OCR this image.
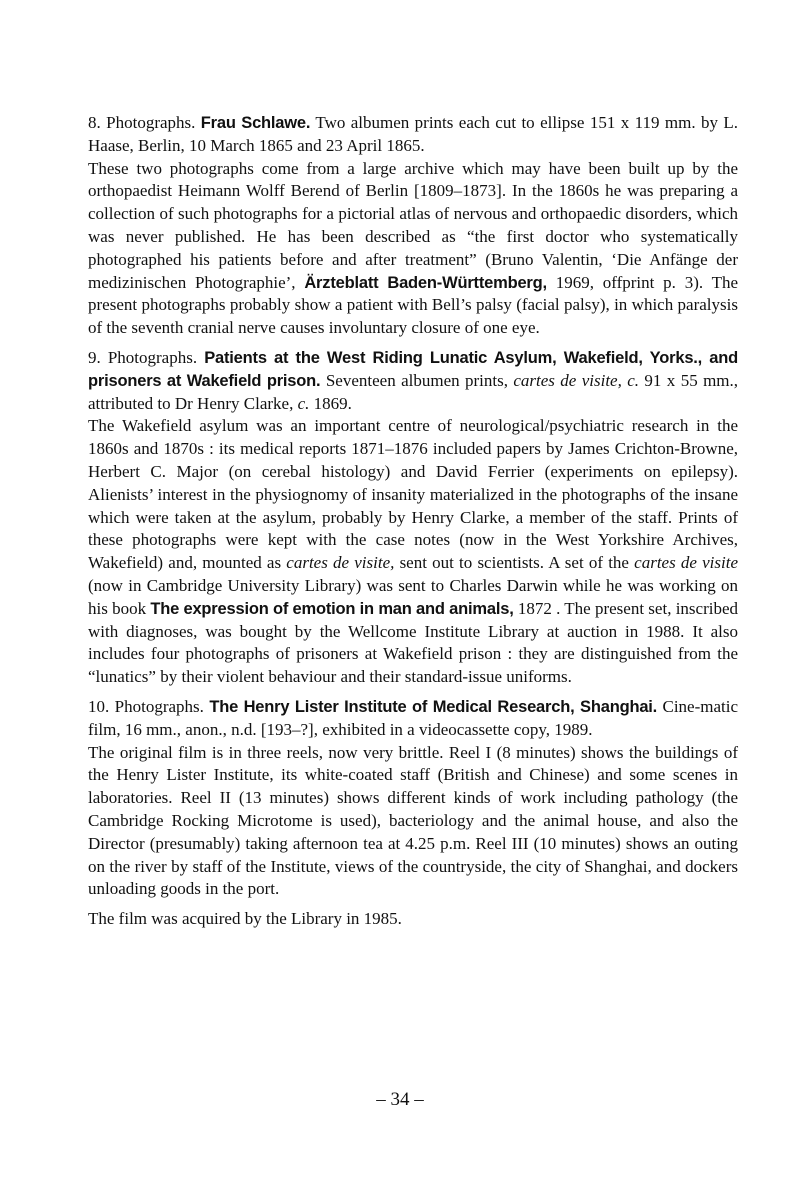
8. Photographs. Frau Schlawe. Two albumen prints each cut to ellipse 151 x 119 mm. by L. Haase, Berlin, 10 March 1865 and 23 April 1865.

These two photographs come from a large archive which may have been built up by the orthopaedist Heimann Wolff Berend of Berlin [1809–1873]. In the 1860s he was preparing a collection of such photographs for a pictorial atlas of nervous and orthopaedic disorders, which was never published. He has been described as “the first doctor who systematically photographed his patients before and after treatment” (Bruno Valentin, ‘Die Anfänge der medizinischen Photographie’, Ärzteblatt Baden-Württemberg, 1969, offprint p. 3). The present photographs probably show a patient with Bell’s palsy (facial palsy), in which paralysis of the seventh cranial nerve causes involuntary closure of one eye.

9. Photographs. Patients at the West Riding Lunatic Asylum, Wakefield, Yorks., and prisoners at Wakefield prison. Seventeen albumen prints, cartes de visite, c. 91 x 55 mm., attributed to Dr Henry Clarke, c. 1869.

The Wakefield asylum was an important centre of neurological/psychiatric research in the 1860s and 1870s : its medical reports 1871–1876 included papers by James Crichton-Browne, Herbert C. Major (on cerebal histology) and David Ferrier (experiments on epilepsy). Alienists’ interest in the physiognomy of insanity materialized in the photographs of the insane which were taken at the asylum, probably by Henry Clarke, a member of the staff. Prints of these photographs were kept with the case notes (now in the West Yorkshire Archives, Wakefield) and, mounted as cartes de visite, sent out to scientists. A set of the cartes de visite (now in Cambridge University Library) was sent to Charles Darwin while he was working on his book The expression of emotion in man and animals, 1872 . The present set, inscribed with diagnoses, was bought by the Wellcome Institute Library at auction in 1988. It also includes four photographs of prisoners at Wakefield prison : they are distinguished from the “lunatics” by their violent behaviour and their standard-issue uniforms.

10. Photographs. The Henry Lister Institute of Medical Research, Shanghai. Cine-matic film, 16 mm., anon., n.d. [193–?], exhibited in a videocassette copy, 1989.

The original film is in three reels, now very brittle. Reel I (8 minutes) shows the buildings of the Henry Lister Institute, its white-coated staff (British and Chinese) and some scenes in laboratories. Reel II (13 minutes) shows different kinds of work including pathology (the Cambridge Rocking Microtome is used), bacteriology and the animal house, and also the Director (presumably) taking afternoon tea at 4.25 p.m. Reel III (10 minutes) shows an outing on the river by staff of the Institute, views of the countryside, the city of Shanghai, and dockers unloading goods in the port.

The film was acquired by the Library in 1985.

– 34 –
